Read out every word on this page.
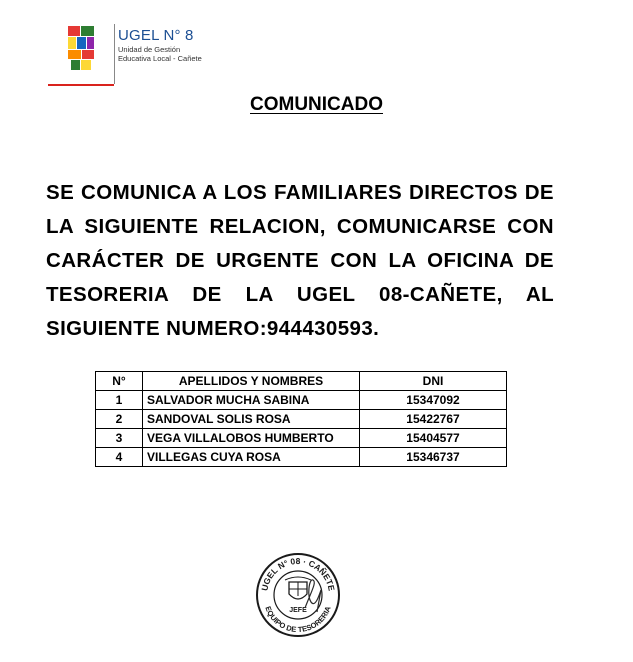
UGEL N° 8
Unidad de Gestión
Educativa Local - Cañete
COMUNICADO
SE COMUNICA A LOS FAMILIARES DIRECTOS DE LA SIGUIENTE RELACION, COMUNICARSE CON CARÁCTER DE URGENTE CON LA OFICINA DE TESORERIA DE LA UGEL 08-CAÑETE, AL SIGUIENTE NUMERO:944430593.
N°	APELLIDOS Y NOMBRES	DNI
1	SALVADOR MUCHA SABINA	15347092
2	SANDOVAL SOLIS ROSA	15422767
3	VEGA VILLALOBOS HUMBERTO	15404577
4	VILLEGAS CUYA ROSA	15346737
UGEL N° 08 · CAÑETE
EQUIPO DE TESORERIA
JEFE
